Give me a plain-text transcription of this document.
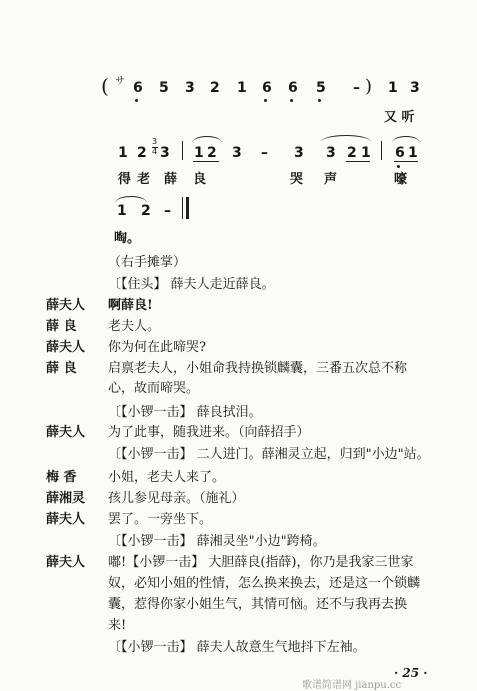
( サ 6 5 3 2 1 6 6 5 – ) 1 3
又 听
1 2
3
4 3 1 2 3 – 3 3 2 1 6 1
得 老 薛 良	哭 声	嚎
1 2 –
啕。
（右手摊掌）
〔【住头】 薛夫人走近薛良。
薛夫人 啊薛良!
薛 良 老夫人。
薛夫人 你为何在此啼哭?
薛 良 启禀老夫人，小姐命我持换锁麟囊，三番五次总不称
心，故而啼哭。
〔【小锣一击】 薛良拭泪。
薛夫人 为了此事，随我进来。（向薛招手）
〔【小锣一击】 二人进门。薛湘灵立起，归到"小边"站。
梅 香 小姐，老夫人来了。
薛湘灵 孩儿参见母亲。（施礼）
薛夫人 罢了。一旁坐下。
〔【小锣一击】 薛湘灵坐"小边"跨椅。
薛夫人 嘟!【小锣一击】 大胆薛良(指薛)，你乃是我家三世家
奴，必知小姐的性情，怎么换来换去，还是这一个锁麟
囊，惹得你家小姐生气，其情可恼。还不与我再去换
来!
〔【小锣一击】 薛夫人故意生气地抖下左袖。
· 25 ·
歌谱简谱网 jianpu.cc
